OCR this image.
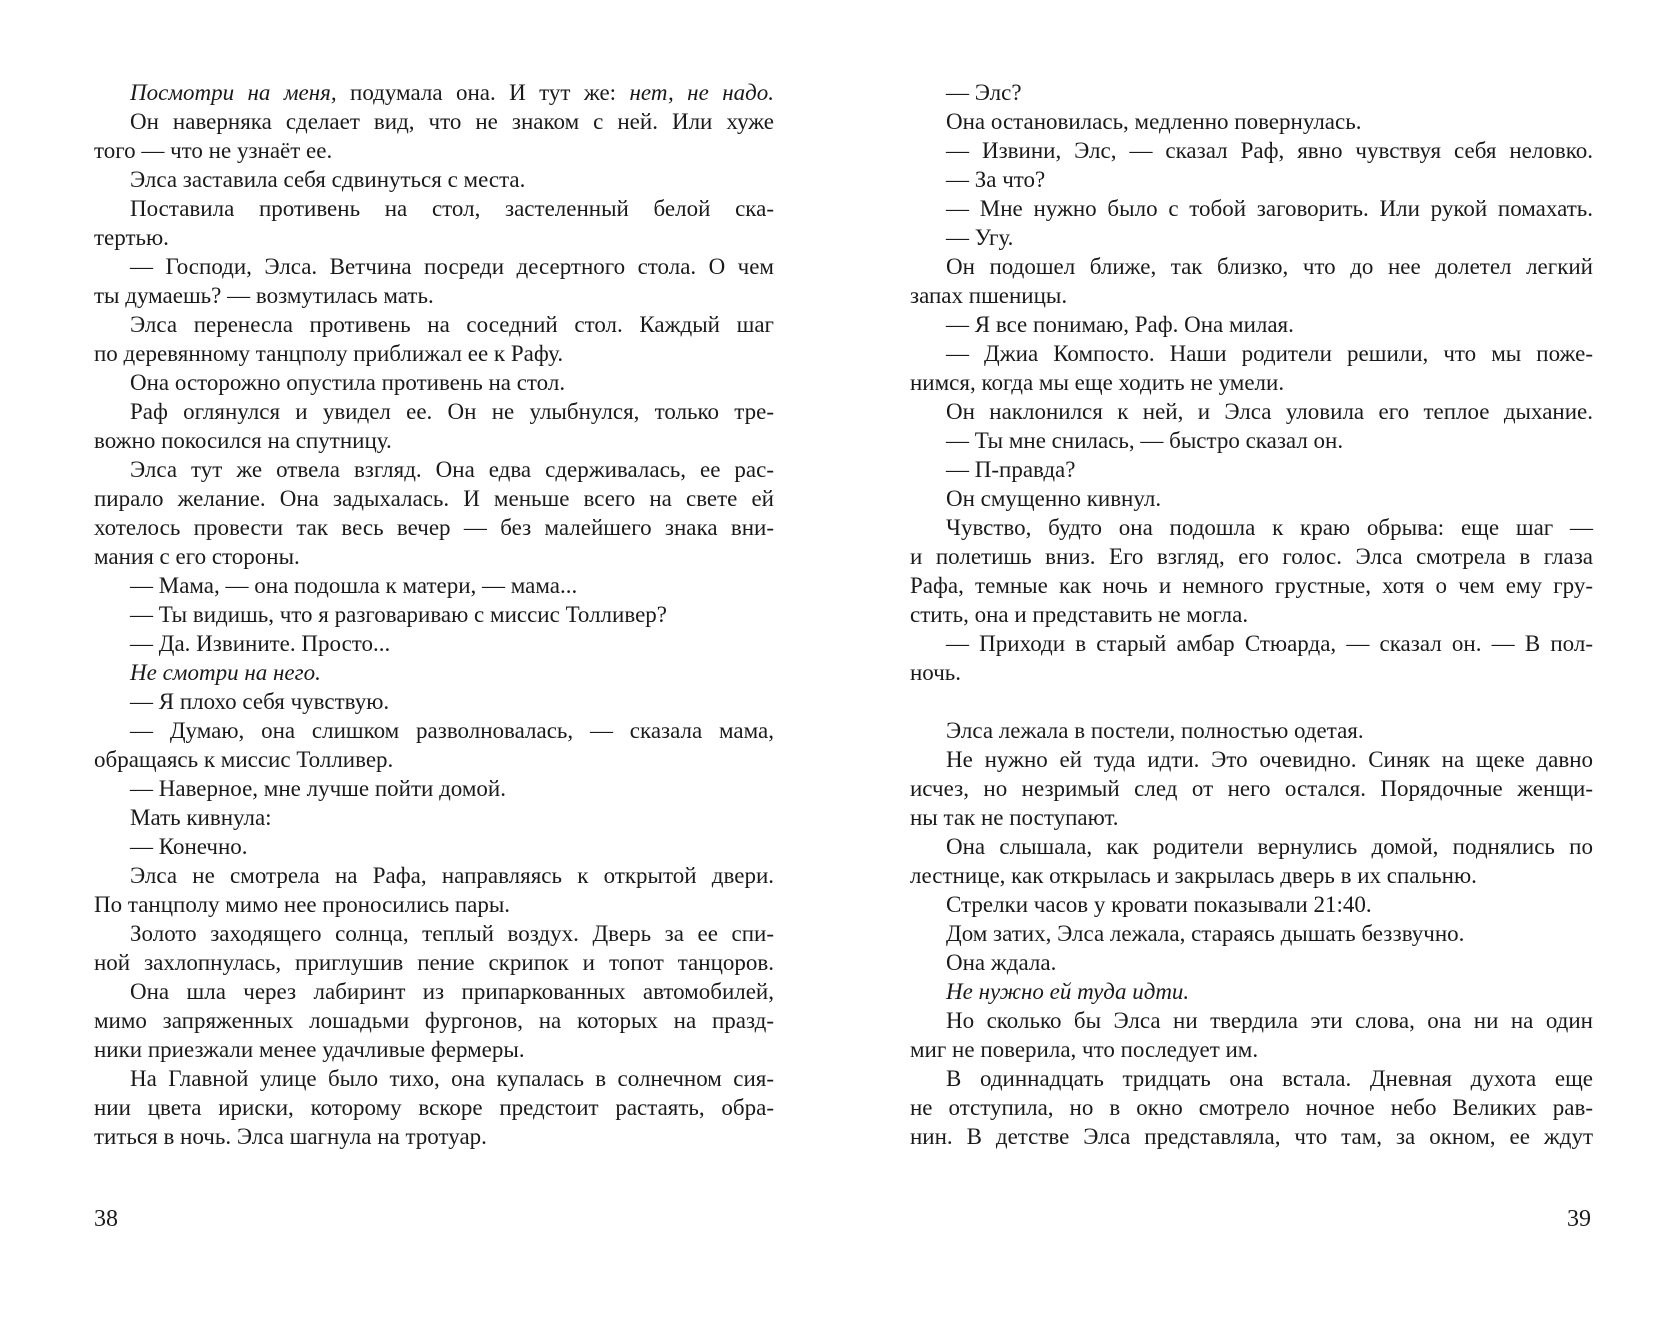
Посмотри на меня, подумала она. И тут же: нет, не надо.
Он наверняка сделает вид, что не знаком с ней. Или хуже
того — что не узнаёт ее.
Элса заставила себя сдвинуться с места.
Поставила противень на стол, застеленный белой ска-
тертью.
— Господи, Элса. Ветчина посреди десертного стола. О чем
ты думаешь? — возмутилась мать.
Элса перенесла противень на соседний стол. Каждый шаг
по деревянному танцполу приближал ее к Рафу.
Она осторожно опустила противень на стол.
Раф оглянулся и увидел ее. Он не улыбнулся, только тре-
вожно покосился на спутницу.
Элса тут же отвела взгляд. Она едва сдерживалась, ее рас-
пирало желание. Она задыхалась. И меньше всего на свете ей
хотелось провести так весь вечер — без малейшего знака вни-
мания с его стороны.
— Мама, — она подошла к матери, — мама...
— Ты видишь, что я разговариваю с миссис Толливер?
— Да. Извините. Просто...
Не смотри на него.
— Я плохо себя чувствую.
— Думаю, она слишком разволновалась, — сказала мама,
обращаясь к миссис Толливер.
— Наверное, мне лучше пойти домой.
Мать кивнула:
— Конечно.
Элса не смотрела на Рафа, направляясь к открытой двери.
По танцполу мимо нее проносились пары.
Золото заходящего солнца, теплый воздух. Дверь за ее спи-
ной захлопнулась, приглушив пение скрипок и топот танцоров.
Она шла через лабиринт из припаркованных автомобилей,
мимо запряженных лошадьми фургонов, на которых на празд-
ники приезжали менее удачливые фермеры.
На Главной улице было тихо, она купалась в солнечном сия-
нии цвета ириски, которому вскоре предстоит растаять, обра-
титься в ночь. Элса шагнула на тротуар.
— Элс?
Она остановилась, медленно повернулась.
— Извини, Элс, — сказал Раф, явно чувствуя себя неловко.
— За что?
— Мне нужно было с тобой заговорить. Или рукой помахать.
— Угу.
Он подошел ближе, так близко, что до нее долетел легкий
запах пшеницы.
— Я все понимаю, Раф. Она милая.
— Джиа Компосто. Наши родители решили, что мы поже-
нимся, когда мы еще ходить не умели.
Он наклонился к ней, и Элса уловила его теплое дыхание.
— Ты мне снилась, — быстро сказал он.
— П-правда?
Он смущенно кивнул.
Чувство, будто она подошла к краю обрыва: еще шаг —
и полетишь вниз. Его взгляд, его голос. Элса смотрела в глаза
Рафа, темные как ночь и немного грустные, хотя о чем ему гру-
стить, она и представить не могла.
— Приходи в старый амбар Стюарда, — сказал он. — В пол-
ночь.
Элса лежала в постели, полностью одетая.
Не нужно ей туда идти. Это очевидно. Синяк на щеке давно
исчез, но незримый след от него остался. Порядочные женщи-
ны так не поступают.
Она слышала, как родители вернулись домой, поднялись по
лестнице, как открылась и закрылась дверь в их спальню.
Стрелки часов у кровати показывали 21:40.
Дом затих, Элса лежала, стараясь дышать беззвучно.
Она ждала.
Не нужно ей туда идти.
Но сколько бы Элса ни твердила эти слова, она ни на один
миг не поверила, что последует им.
В одиннадцать тридцать она встала. Дневная духота еще
не отступила, но в окно смотрело ночное небо Великих рав-
нин. В детстве Элса представляла, что там, за окном, ее ждут
38	39
